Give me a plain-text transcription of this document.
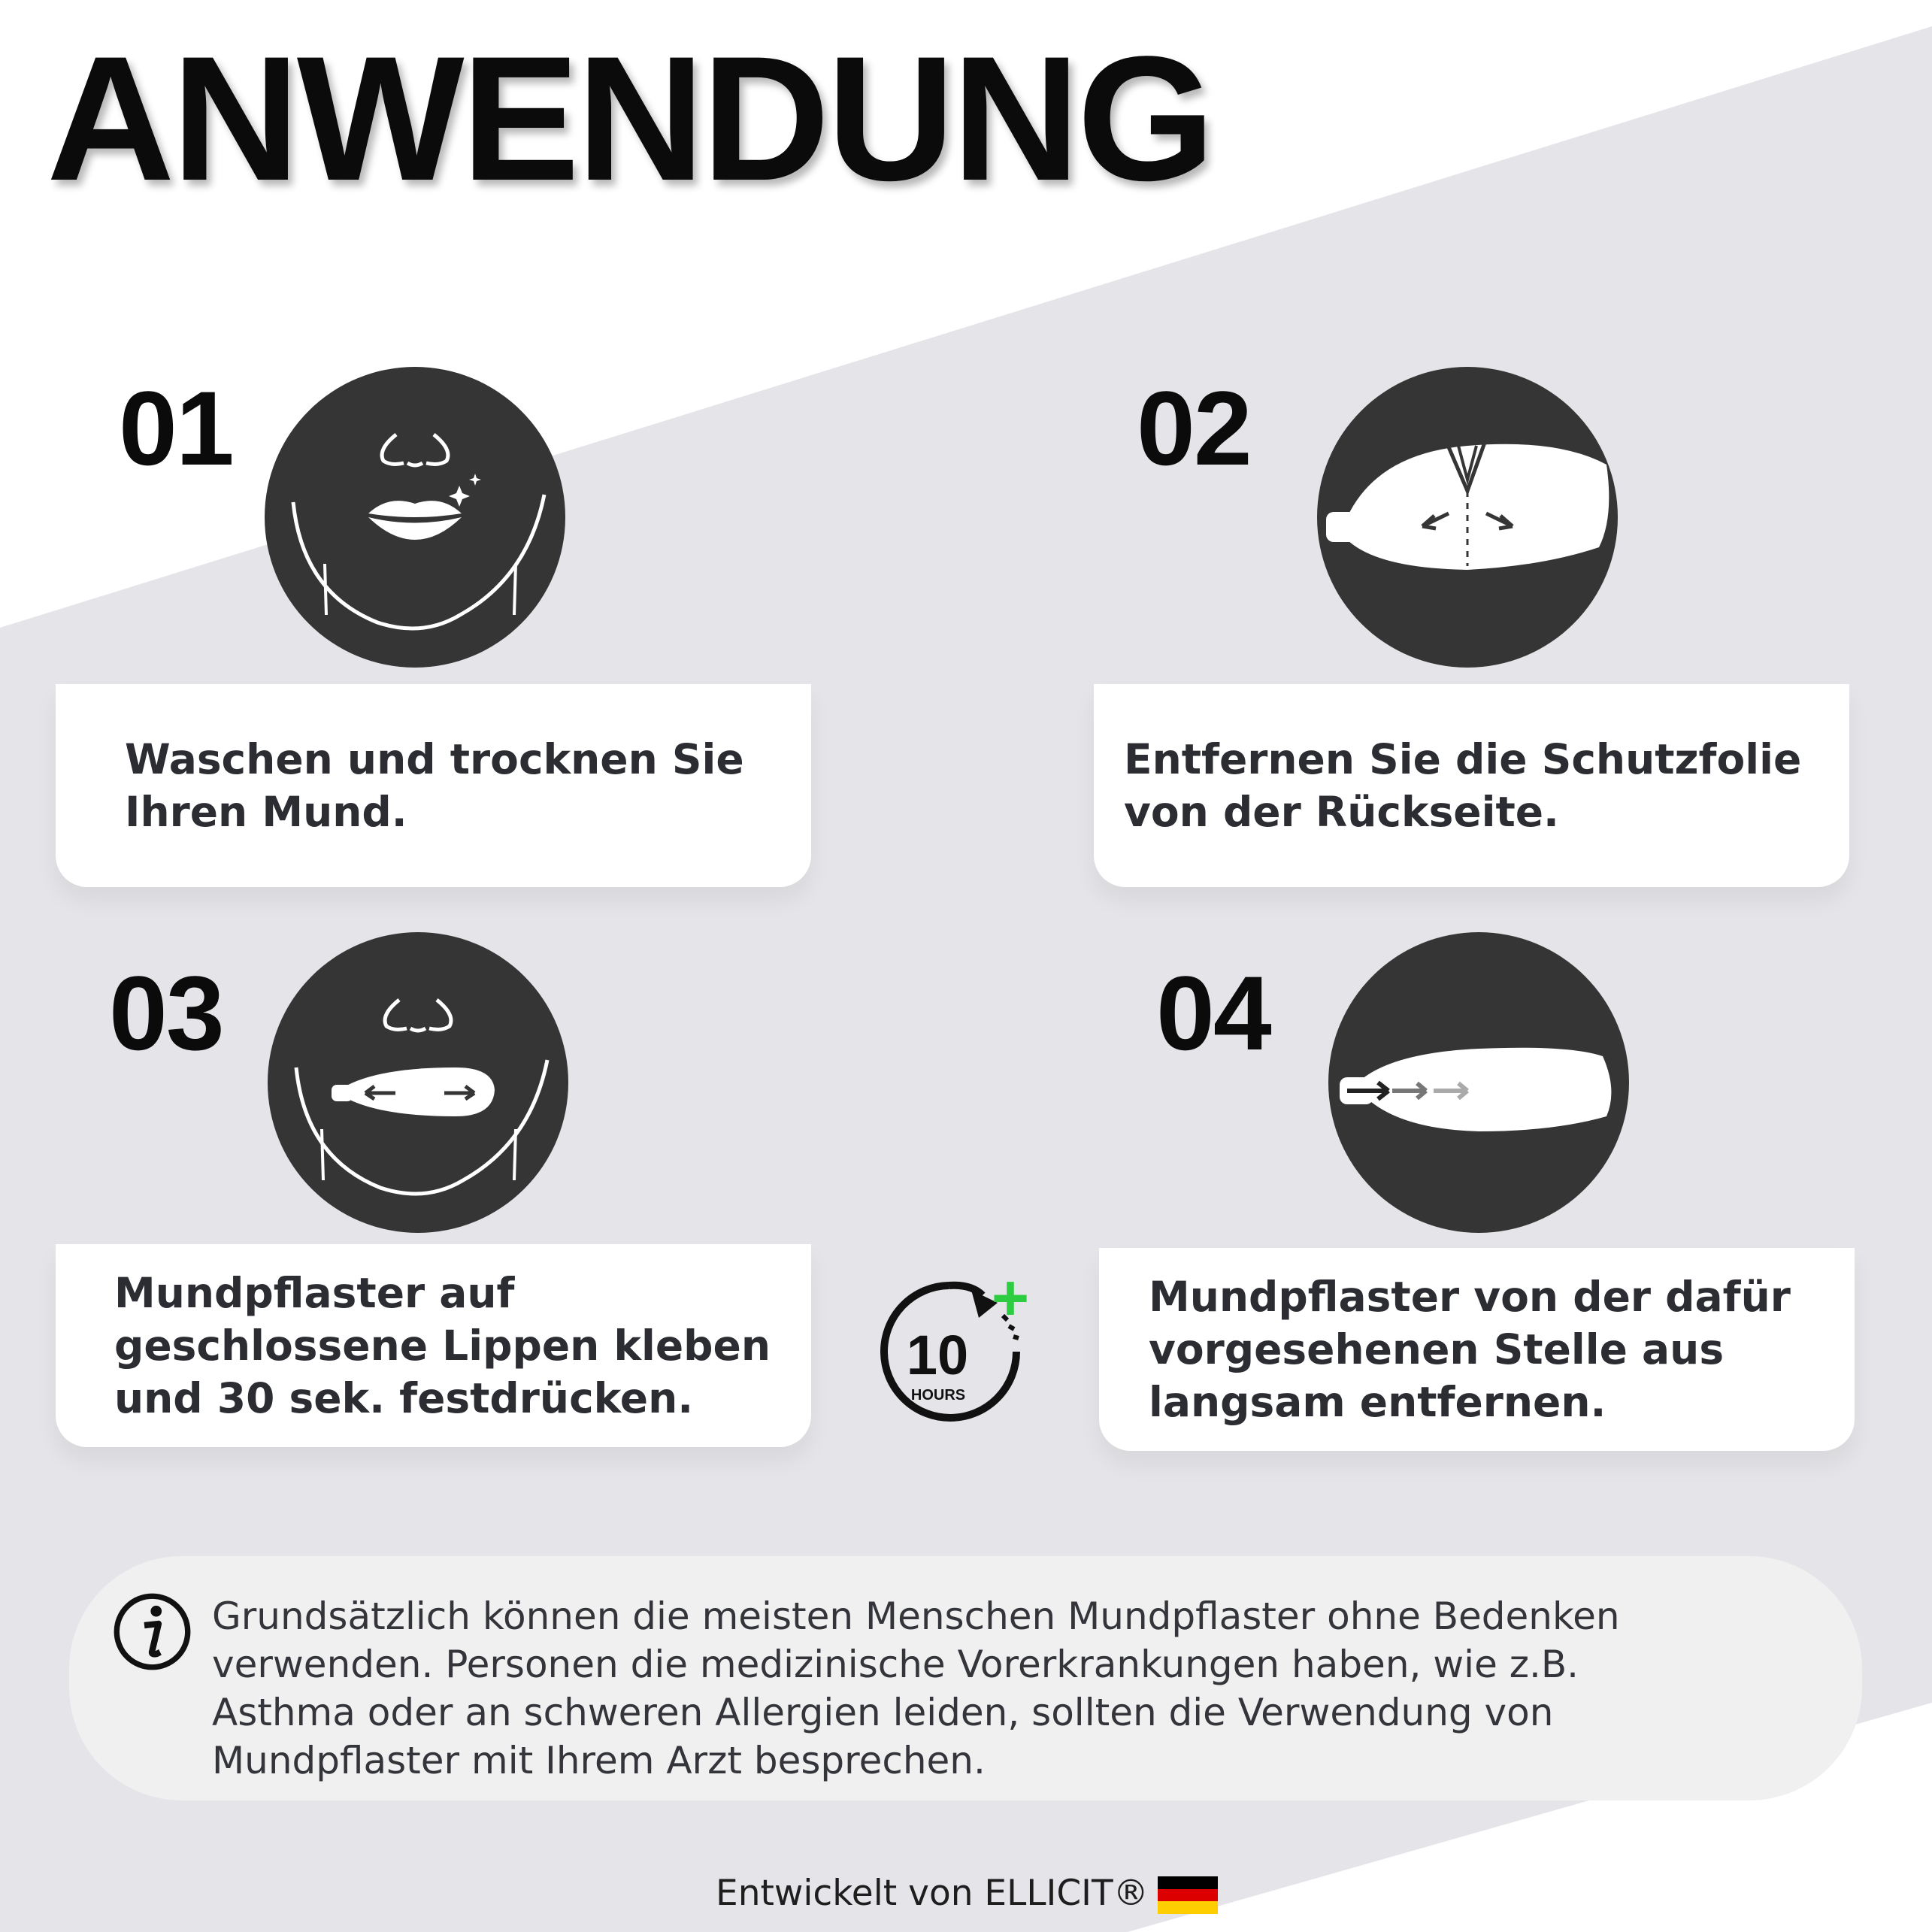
ANWENDUNG
01
Waschen und trocknen Sie
Ihren Mund.
02
Entfernen Sie die Schutzfolie
von der Rückseite.
03
Mundpflaster auf
geschlossene Lippen kleben
und 30 sek. festdrücken.
10
HOURS
+
04
Mundpflaster von der dafür
vorgesehenen Stelle aus
langsam entfernen.
Grundsätzlich können die meisten Menschen Mundpflaster ohne Bedenken
verwenden. Personen die medizinische Vorerkrankungen haben, wie z.B.
Asthma oder an schweren Allergien leiden, sollten die Verwendung von
Mundpflaster mit Ihrem Arzt besprechen.
Entwickelt von ELLICIT®
